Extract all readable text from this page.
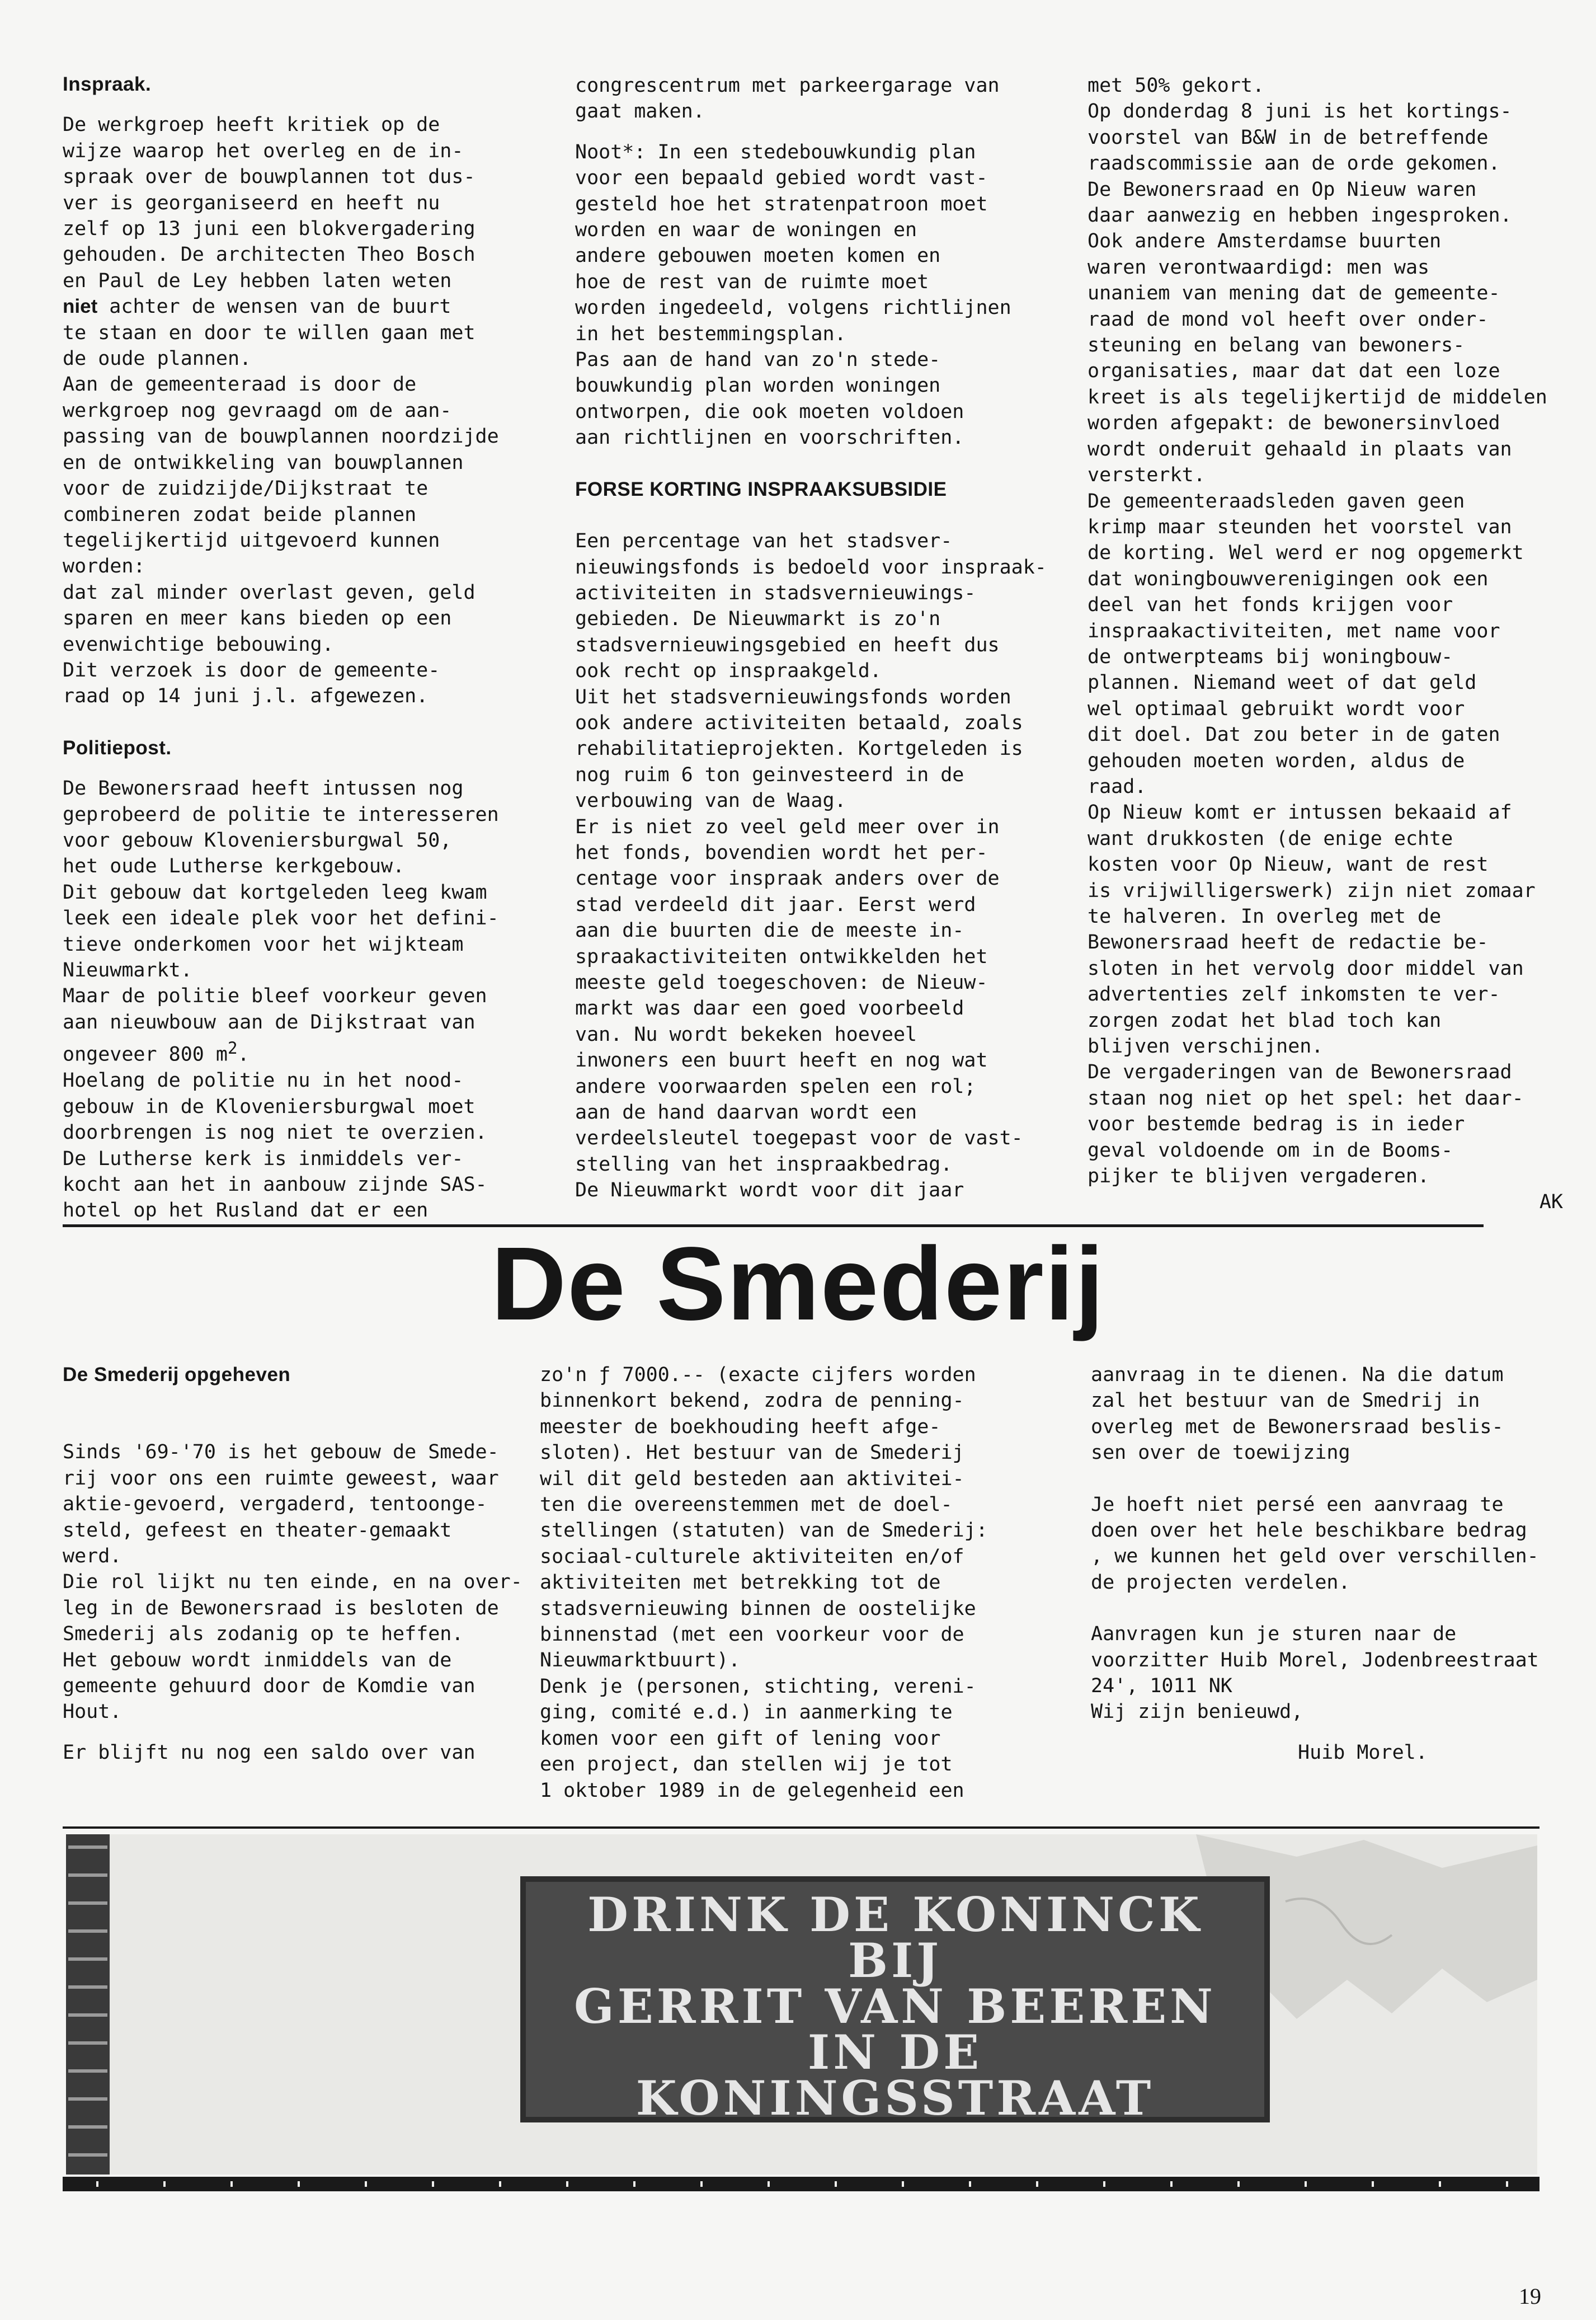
Inspraak.

De werkgroep heeft kritiek op de
wijze waarop het overleg en de in-
spraak over de bouwplannen tot dus-
ver is georganiseerd en heeft nu
zelf op 13 juni een blokvergadering
gehouden. De architecten Theo Bosch
en Paul de Ley hebben laten weten
niet achter de wensen van de buurt
te staan en door te willen gaan met
de oude plannen.
Aan de gemeenteraad is door de
werkgroep nog gevraagd om de aan-
passing van de bouwplannen noordzijde
en de ontwikkeling van bouwplannen
voor de zuidzijde/Dijkstraat te
combineren zodat beide plannen
tegelijkertijd uitgevoerd kunnen worden:
dat zal minder overlast geven, geld
sparen en meer kans bieden op een
evenwichtige bebouwing.
Dit verzoek is door de gemeente-
raad op 14 juni j.l. afgewezen.

Politiepost.

De Bewonersraad heeft intussen nog
geprobeerd de politie te interesseren
voor gebouw Kloveniersburgwal 50,
het oude Lutherse kerkgebouw.
Dit gebouw dat kortgeleden leeg kwam
leek een ideale plek voor het defini-
tieve onderkomen voor het wijkteam
Nieuwmarkt.
Maar de politie bleef voorkeur geven
aan nieuwbouw aan de Dijkstraat van
ongeveer 800 $m^2$.
Hoelang de politie nu in het nood-
gebouw in de Kloveniersburgwal moet
doorbrengen is nog niet te overzien.
De Lutherse kerk is inmiddels ver-
kocht aan het in aanbouw zijnde SAS-
hotel op het Rusland dat er een

congrescentrum met parkeergarage van
gaat maken.

Noot*: In een stedebouwkundig plan
voor een bepaald gebied wordt vast-
gesteld hoe het stratenpatroon moet
worden en waar de woningen en
andere gebouwen moeten komen en
hoe de rest van de ruimte moet
worden ingedeeld, volgens richtlijnen
in het bestemmingsplan.
Pas aan de hand van zo'n stede-
bouwkundig plan worden woningen
ontworpen, die ook moeten voldoen
aan richtlijnen en voorschriften.

FORSE KORTING INSPRAAKSUBSIDIE

Een percentage van het stadsver-
nieuwingsfonds is bedoeld voor inspraak-
activiteiten in stadsvernieuwings-
gebieden. De Nieuwmarkt is zo'n
stadsvernieuwingsgebied en heeft dus
ook recht op inspraakgeld.
Uit het stadsvernieuwingsfonds worden
ook andere activiteiten betaald, zoals
rehabilitatieprojekten. Kortgeleden is
nog ruim 6 ton geinvesteerd in de
verbouwing van de Waag.
Er is niet zo veel geld meer over in
het fonds, bovendien wordt het per-
centage voor inspraak anders over de
stad verdeeld dit jaar. Eerst werd
aan die buurten die de meeste in-
spraakactiviteiten ontwikkelden het
meeste geld toegeschoven: de Nieuw-
markt was daar een goed voorbeeld
van. Nu wordt bekeken hoeveel
inwoners een buurt heeft en nog wat
andere voorwaarden spelen een rol;
aan de hand daarvan wordt een
verdeelsleutel toegepast voor de vast-
stelling van het inspraakbedrag.
De Nieuwmarkt wordt voor dit jaar

met 50% gekort.
Op donderdag 8 juni is het kortings-
voorstel van B&W in de betreffende
raadscommissie aan de orde gekomen.
De Bewonersraad en Op Nieuw waren
daar aanwezig en hebben ingesproken.
Ook andere Amsterdamse buurten
waren verontwaardigd: men was
unaniem van mening dat de gemeente-
raad de mond vol heeft over onder-
steuning en belang van bewoners-
organisaties, maar dat dat een loze
kreet is als tegelijkertijd de middelen
worden afgepakt: de bewonersinvloed
wordt onderuit gehaald in plaats van
versterkt.
De gemeenteraadsleden gaven geen
krimp maar steunden het voorstel van
de korting. Wel werd er nog opgemerkt
dat woningbouwverenigingen ook een
deel van het fonds krijgen voor
inspraakactiviteiten, met name voor
de ontwerpteams bij woningbouw-
plannen. Niemand weet of dat geld
wel optimaal gebruikt wordt voor
dit doel. Dat zou beter in de gaten
gehouden moeten worden, aldus de
raad.
Op Nieuw komt er intussen bekaaid af
want drukkosten (de enige echte
kosten voor Op Nieuw, want de rest
is vrijwilligerswerk) zijn niet zomaar
te halveren. In overleg met de
Bewonersraad heeft de redactie be-
sloten in het vervolg door middel van
advertenties zelf inkomsten te ver-
zorgen zodat het blad toch kan
blijven verschijnen.
De vergaderingen van de Bewonersraad
staan nog niet op het spel: het daar-
voor bestemde bedrag is in ieder
geval voldoende om in de Booms-
pijker te blijven vergaderen.

AK

De Smederij
De Smederij opgeheven

Sinds '69-'70 is het gebouw de Smede-
rij voor ons een ruimte geweest, waar
aktie-gevoerd, vergaderd, tentoonge-
steld, gefeest en theater-gemaakt
werd.
Die rol lijkt nu ten einde, en na over-
leg in de Bewonersraad is besloten de
Smederij als zodanig op te heffen.
Het gebouw wordt inmiddels van de
gemeente gehuurd door de Komdie van
Hout.

Er blijft nu nog een saldo over van

zo'n ƒ 7000.-- (exacte cijfers worden
binnenkort bekend, zodra de penning-
meester de boekhouding heeft afge-
sloten). Het bestuur van de Smederij
wil dit geld besteden aan aktivitei-
ten die overeenstemmen met de doel-
stellingen (statuten) van de Smederij:
sociaal-culturele aktiviteiten en/of
aktiviteiten met betrekking tot de
stadsvernieuwing binnen de oostelijke
binnenstad (met een voorkeur voor de
Nieuwmarktbuurt).
Denk je (personen, stichting, vereni-
ging, comité e.d.) in aanmerking te
komen voor een gift of lening voor
een project, dan stellen wij je tot
1 oktober 1989 in de gelegenheid een

aanvraag in te dienen. Na die datum
zal het bestuur van de Smedrij in
overleg met de Bewonersraad beslis-
sen over de toewijzing

Je hoeft niet persé een aanvraag te
doen over het hele beschikbare bedrag
, we kunnen het geld over verschillen-
de projecten verdelen.

Aanvragen kun je sturen naar de
voorzitter Huib Morel, Jodenbreestraat
24', 1011 NK
Wij zijn benieuwd,

Huib Morel.

DRINK DE KONINCK
BIJ
GERRIT VAN BEEREN
IN DE
KONINGSSTRAAT
19
